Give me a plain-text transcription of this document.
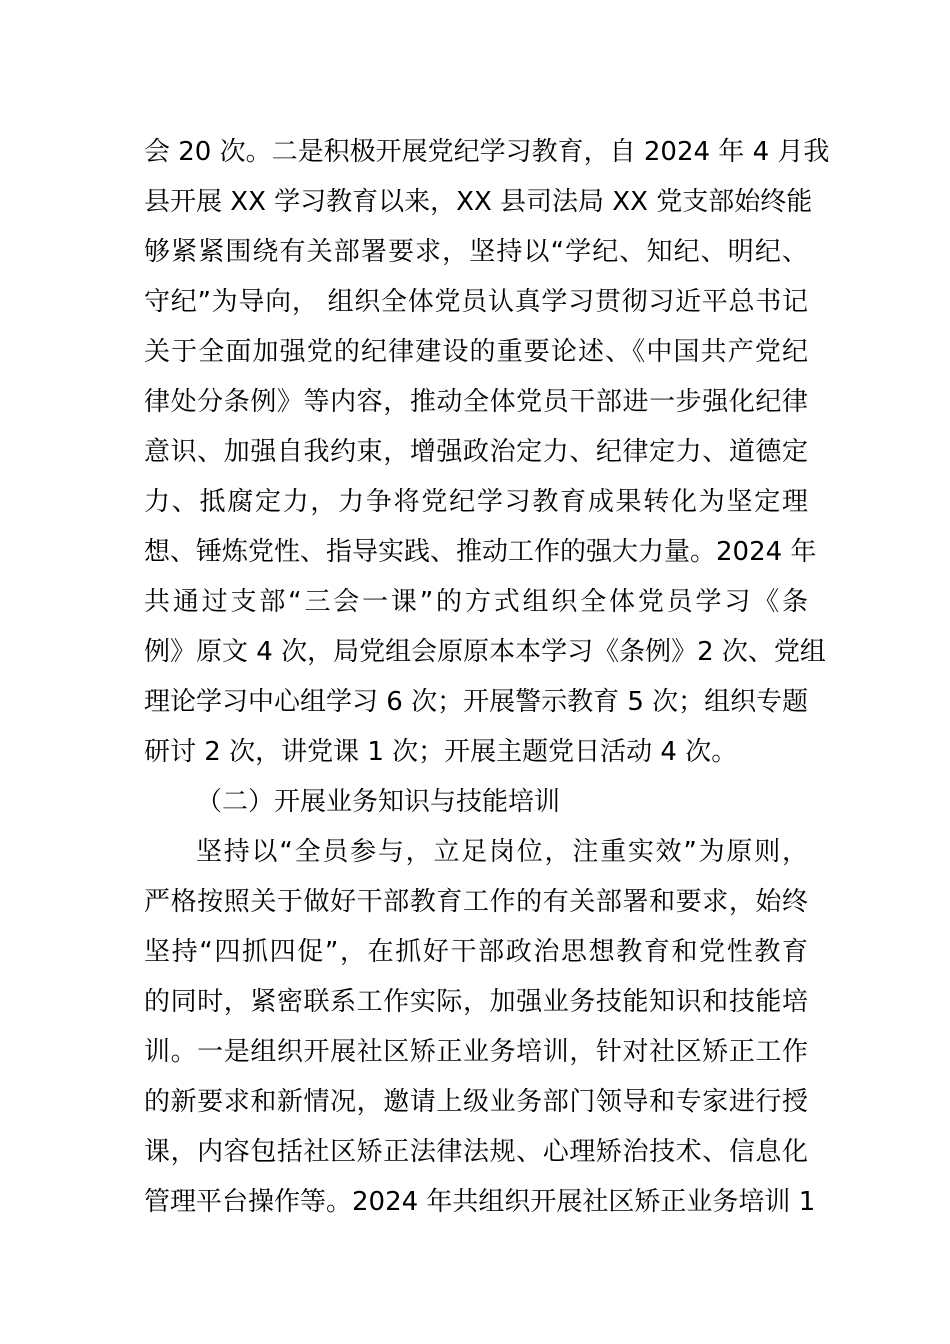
会 20 次。二是积极开展党纪学习教育，自 2024 年 4 月我
县开展 XX 学习教育以来，XX 县司法局 XX 党支部始终能
够紧紧围绕有关部署要求，坚持以“学纪、知纪、明纪、
守纪”为导向， 组织全体党员认真学习贯彻习近平总书记
关于全面加强党的纪律建设的重要论述、《中国共产党纪
律处分条例》等内容，推动全体党员干部进一步强化纪律
意识、加强自我约束，增强政治定力、纪律定力、道德定
力、抵腐定力，力争将党纪学习教育成果转化为坚定理
想、锤炼党性、指导实践、推动工作的强大力量。2024 年
共通过支部“三会一课”的方式组织全体党员学习《条
例》原文 4 次，局党组会原原本本学习《条例》2 次、党组
理论学习中心组学习 6 次；开展警示教育 5 次；组织专题
研讨 2 次，讲党课 1 次；开展主题党日活动 4 次。
（二）开展业务知识与技能培训
坚持以“全员参与，立足岗位，注重实效”为原则，
严格按照关于做好干部教育工作的有关部署和要求，始终
坚持“四抓四促”，在抓好干部政治思想教育和党性教育
的同时，紧密联系工作实际，加强业务技能知识和技能培
训。一是组织开展社区矫正业务培训，针对社区矫正工作
的新要求和新情况，邀请上级业务部门领导和专家进行授
课，内容包括社区矫正法律法规、心理矫治技术、信息化
管理平台操作等。2024 年共组织开展社区矫正业务培训 1
